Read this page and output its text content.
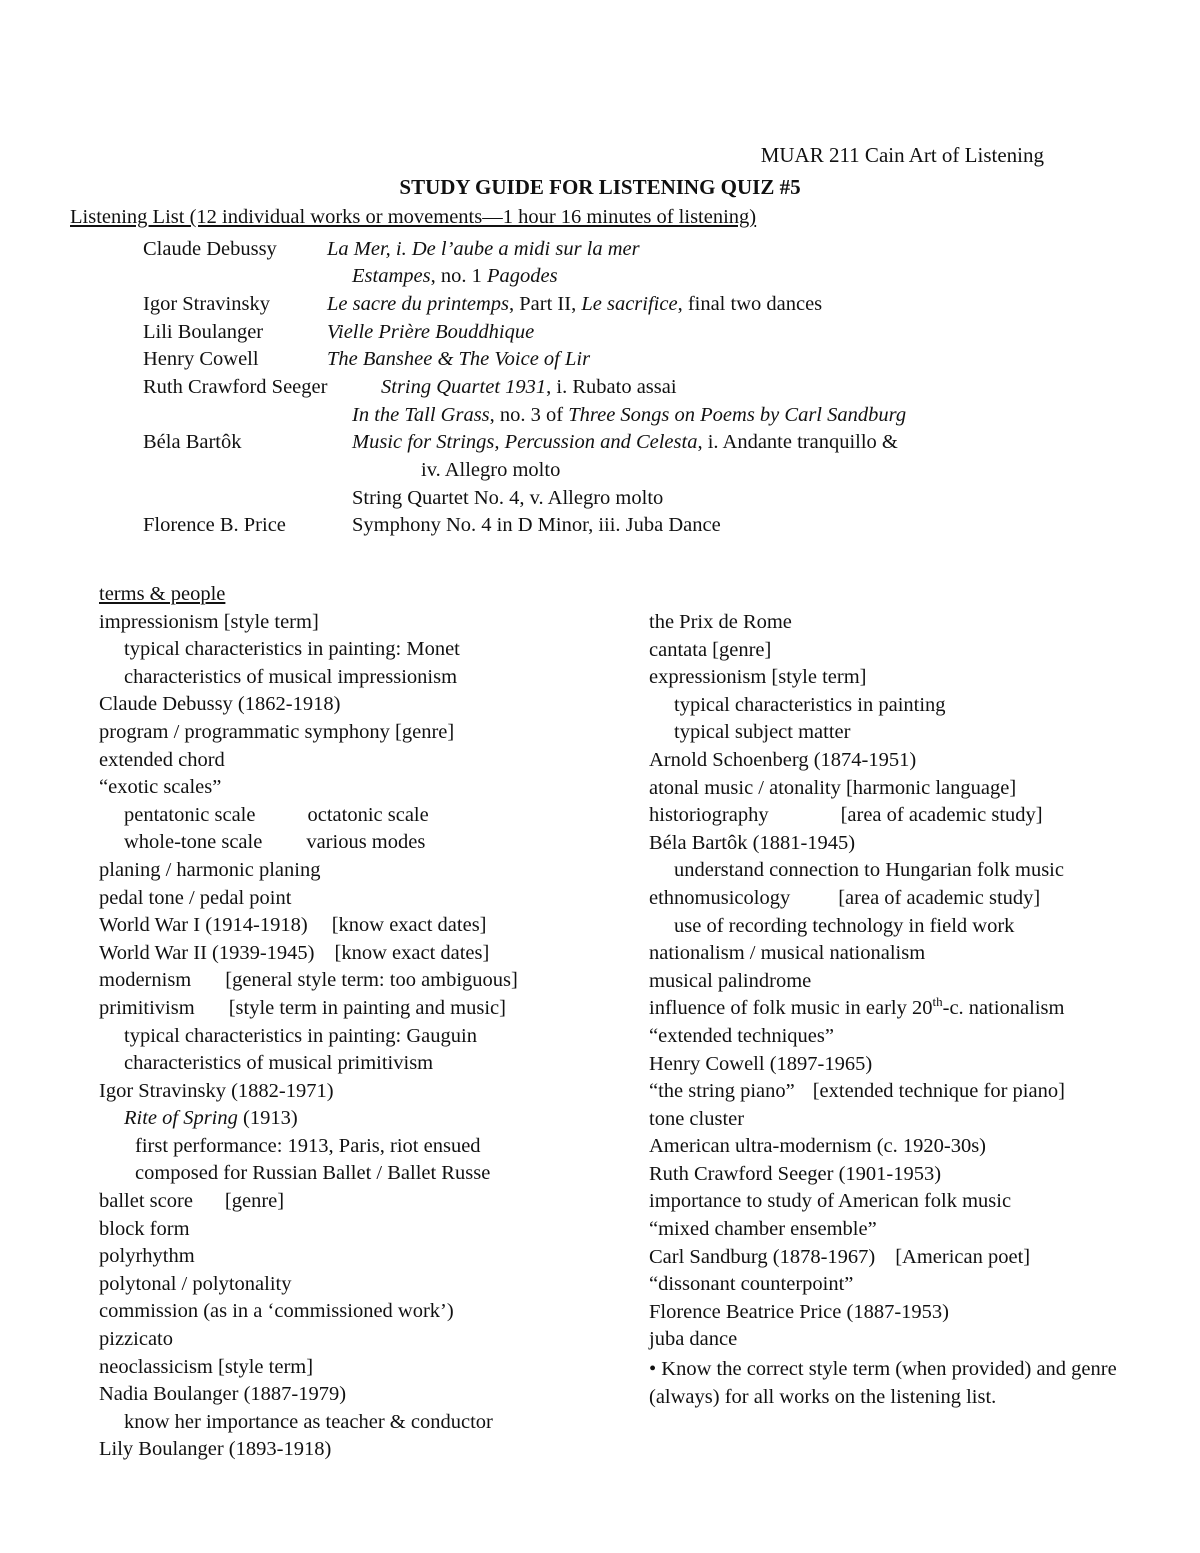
MUAR 211 Cain Art of Listening
STUDY GUIDE FOR LISTENING QUIZ #5
Listening List (12 individual works or movements—1 hour 16 minutes of listening)
Claude Debussy La Mer, i. De l’aube a midi sur la mer
Estampes, no. 1 Pagodes
Igor Stravinsky	Le sacre du printemps, Part II, Le sacrifice, final two dances
Lili Boulanger	Vielle Prière Bouddhique
Henry Cowell	The Banshee & The Voice of Lir
Ruth Crawford Seeger	String Quartet 1931, i. Rubato assai
In the Tall Grass, no. 3 of Three Songs on Poems by Carl Sandburg
Béla Bartôk	Music for Strings, Percussion and Celesta, i. Andante tranquillo &
iv. Allegro molto
String Quartet No. 4, v. Allegro molto
Florence B. Price	Symphony No. 4 in D Minor, iii. Juba Dance
terms & people
impressionism [style term]
typical characteristics in painting: Monet
characteristics of musical impressionism
Claude Debussy (1862-1918)
program / programmatic symphony [genre]
extended chord
“exotic scales”
pentatonic scale	octatonic scale
whole-tone scale various modes
planing / harmonic planing
pedal tone / pedal point
World War I (1914-1918) [know exact dates]
World War II (1939-1945) [know exact dates]
modernism [general style term: too ambiguous]
primitivism [style term in painting and music]
typical characteristics in painting: Gauguin
characteristics of musical primitivism
Igor Stravinsky (1882-1971)
Rite of Spring (1913)
first performance: 1913, Paris, riot ensued
composed for Russian Ballet / Ballet Russe
ballet score [genre]
block form
polyrhythm
polytonal / polytonality
commission (as in a ‘commissioned work’)
pizzicato
neoclassicism [style term]
Nadia Boulanger (1887-1979)
know her importance as teacher & conductor
Lily Boulanger (1893-1918)
the Prix de Rome
cantata [genre]
expressionism [style term]
typical characteristics in painting
typical subject matter
Arnold Schoenberg (1874-1951)
atonal music / atonality [harmonic language]
historiography	[area of academic study]
Béla Bartôk (1881-1945)
understand connection to Hungarian folk music
ethnomusicology [area of academic study]
use of recording technology in field work
nationalism / musical nationalism
musical palindrome
influence of folk music in early 20th-c. nationalism
“extended techniques”
Henry Cowell (1897-1965)
“the string piano” [extended technique for piano]
tone cluster
American ultra-modernism (c. 1920-30s)
Ruth Crawford Seeger (1901-1953)
importance to study of American folk music
“mixed chamber ensemble”
Carl Sandburg (1878-1967) [American poet]
“dissonant counterpoint”
Florence Beatrice Price (1887-1953)
juba dance
• Know the correct style term (when provided) and genre (always) for all works on the listening list.
